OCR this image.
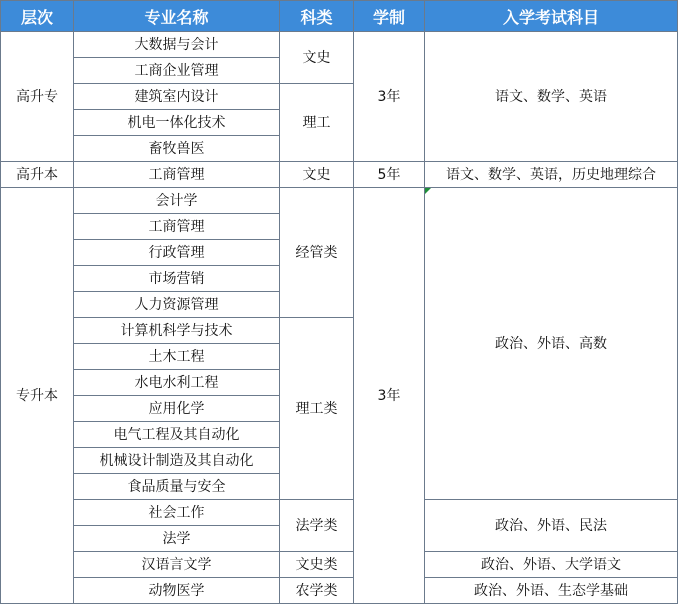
层次	专业名称	科类	学制	入学考试科目
高升专	大数据与会计	文史	3年	语文、数学、英语
	工商企业管理			
	建筑室内设计	理工		
	机电一体化技术			
	畜牧兽医			
高升本	工商管理	文史	5年	语文、数学、英语，历史地理综合
专升本	会计学	经管类	3年	政治、外语、高数
	工商管理			
	行政管理			
	市场营销			
	人力资源管理			
	计算机科学与技术	理工类		
	土木工程			
	水电水利工程			
	应用化学			
	电气工程及其自动化			
	机械设计制造及其自动化			
	食品质量与安全			
	社会工作	法学类		政治、外语、民法
	法学			
	汉语言文学	文史类		政治、外语、大学语文
	动物医学	农学类		政治、外语、生态学基础
